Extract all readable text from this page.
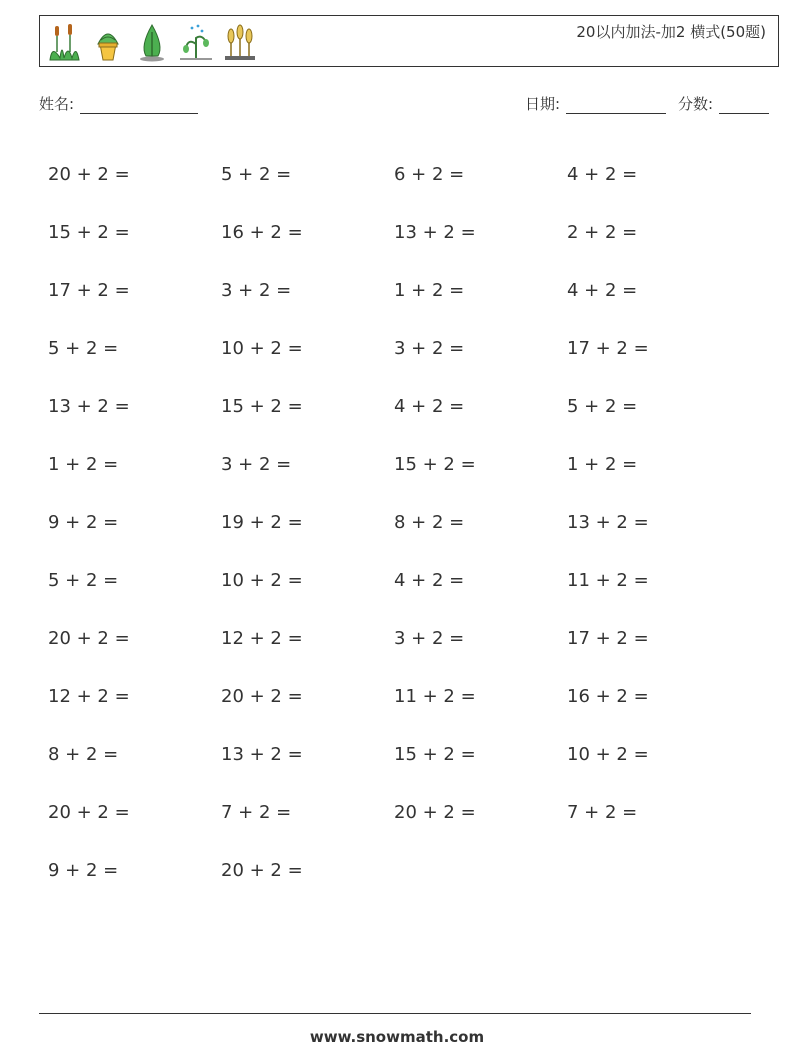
20以内加法-加2 横式(50题)
姓名:	日期:	分数:
20 + 2 =	5 + 2 =	6 + 2 =	4 + 2 =
15 + 2 =	16 + 2 =	13 + 2 =	2 + 2 =
17 + 2 =	3 + 2 =	1 + 2 =	4 + 2 =
5 + 2 =	10 + 2 =	3 + 2 =	17 + 2 =
13 + 2 =	15 + 2 =	4 + 2 =	5 + 2 =
1 + 2 =	3 + 2 =	15 + 2 =	1 + 2 =
9 + 2 =	19 + 2 =	8 + 2 =	13 + 2 =
5 + 2 =	10 + 2 =	4 + 2 =	11 + 2 =
20 + 2 =	12 + 2 =	3 + 2 =	17 + 2 =
12 + 2 =	20 + 2 =	11 + 2 =	16 + 2 =
8 + 2 =	13 + 2 =	15 + 2 =	10 + 2 =
20 + 2 =	7 + 2 =	20 + 2 =	7 + 2 =
9 + 2 =	20 + 2 =
www.snowmath.com
